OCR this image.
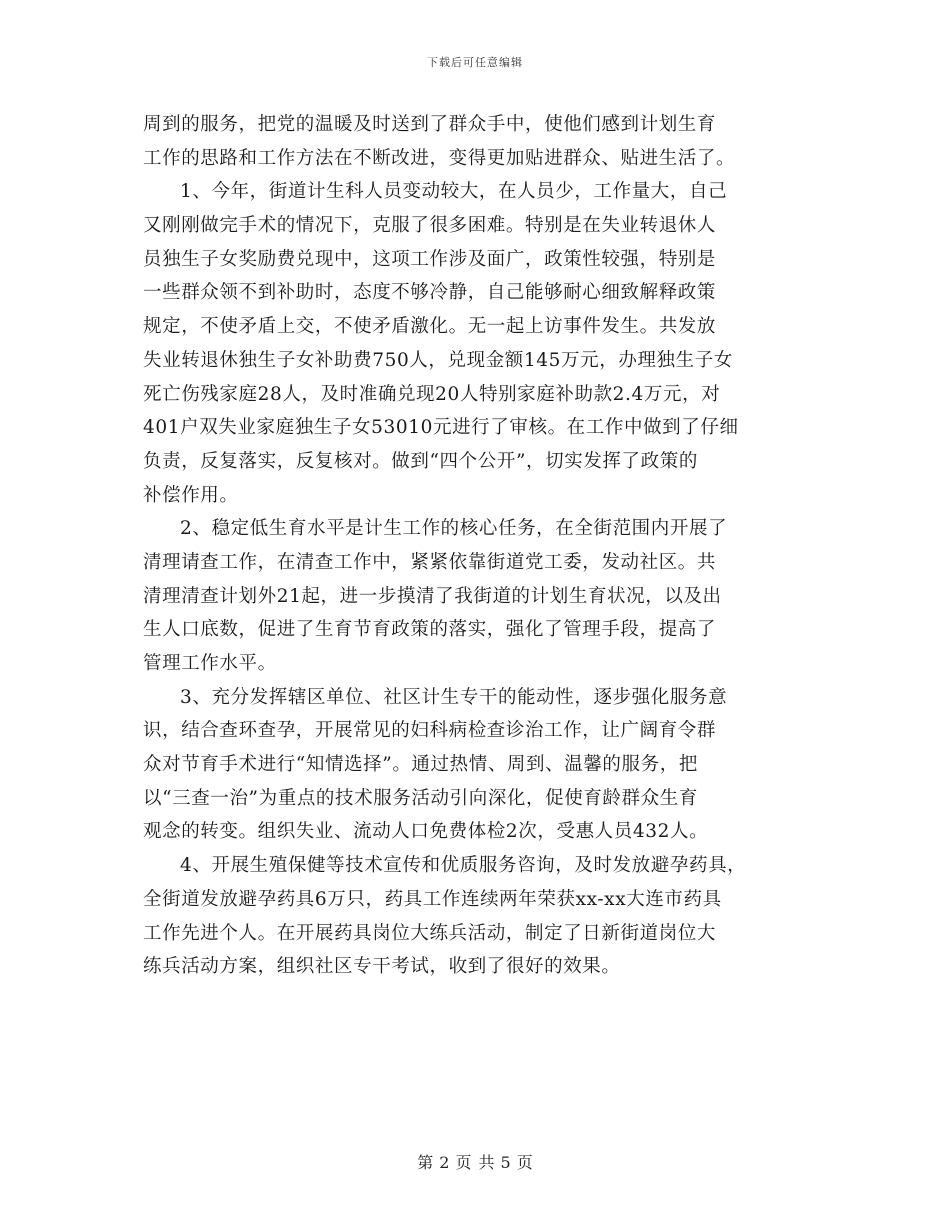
下载后可任意编辑
周到的服务，把党的温暖及时送到了群众手中，使他们感到计划生育
工作的思路和工作方法在不断改进，变得更加贴进群众、贴进生活了。
1、今年，街道计生科人员变动较大，在人员少，工作量大，自己
又刚刚做完手术的情况下，克服了很多困难。特别是在失业转退休人
员独生子女奖励费兑现中，这项工作涉及面广，政策性较强，特别是
一些群众领不到补助时，态度不够冷静，自己能够耐心细致解释政策
规定，不使矛盾上交，不使矛盾激化。无一起上访事件发生。共发放
失业转退休独生子女补助费750人，兑现金额145万元，办理独生子女
死亡伤残家庭28人，及时准确兑现20人特别家庭补助款2.4万元，对
401户双失业家庭独生子女53010元进行了审核。在工作中做到了仔细
负责，反复落实，反复核对。做到“四个公开”，切实发挥了政策的
补偿作用。
2、稳定低生育水平是计生工作的核心任务，在全街范围内开展了
清理请查工作，在清查工作中，紧紧依靠街道党工委，发动社区。共
清理清查计划外21起，进一步摸清了我街道的计划生育状况，以及出
生人口底数，促进了生育节育政策的落实，强化了管理手段，提高了
管理工作水平。
3、充分发挥辖区单位、社区计生专干的能动性，逐步强化服务意
识，结合查环查孕，开展常见的妇科病检查诊治工作，让广阔育令群
众对节育手术进行“知情选择”。通过热情、周到、温馨的服务，把
以“三查一治”为重点的技术服务活动引向深化，促使育龄群众生育
观念的转变。组织失业、流动人口免费体检2次，受惠人员432人。
4、开展生殖保健等技术宣传和优质服务咨询，及时发放避孕药具，
全街道发放避孕药具6万只，药具工作连续两年荣获xx-xx大连市药具
工作先进个人。在开展药具岗位大练兵活动，制定了日新街道岗位大
练兵活动方案，组织社区专干考试，收到了很好的效果。
第 2 页 共 5 页
